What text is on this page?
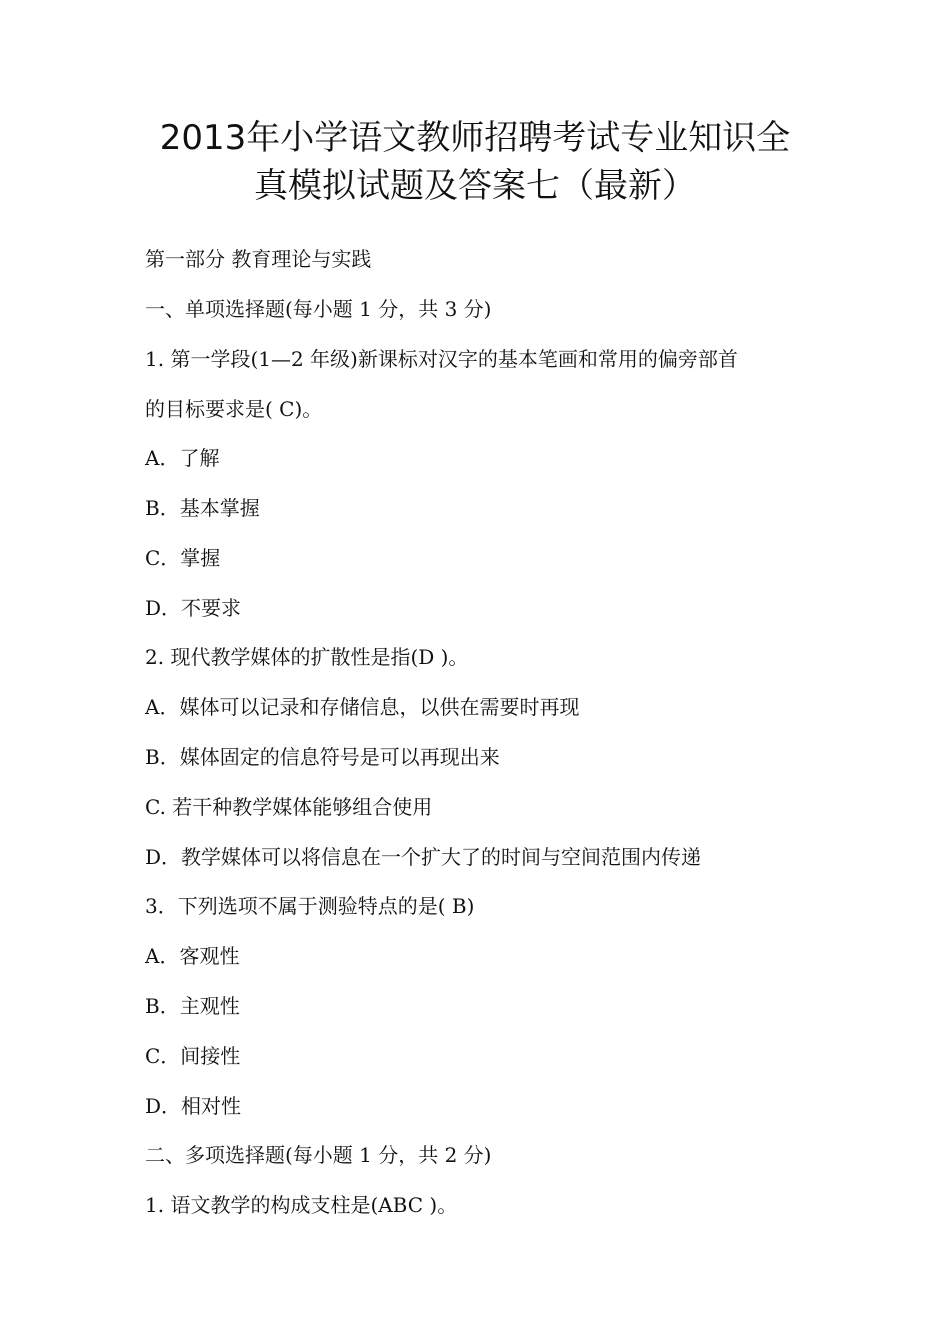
2013年小学语文教师招聘考试专业知识全
真模拟试题及答案七（最新）
第一部分 教育理论与实践
一、单项选择题(每小题 1 分，共 3 分)
1. 第一学段(1—2 年级)新课标对汉字的基本笔画和常用的偏旁部首
的目标要求是( C)。
A．了解
B．基本掌握
C．掌握
D．不要求
2. 现代教学媒体的扩散性是指(D )。
A．媒体可以记录和存储信息，以供在需要时再现
B．媒体固定的信息符号是可以再现出来
C. 若干种教学媒体能够组合使用
D．教学媒体可以将信息在一个扩大了的时间与空间范围内传递
3．下列选项不属于测验特点的是( B)
A．客观性
B．主观性
C．间接性
D．相对性
二、多项选择题(每小题 1 分，共 2 分)
1. 语文教学的构成支柱是(ABC )。
